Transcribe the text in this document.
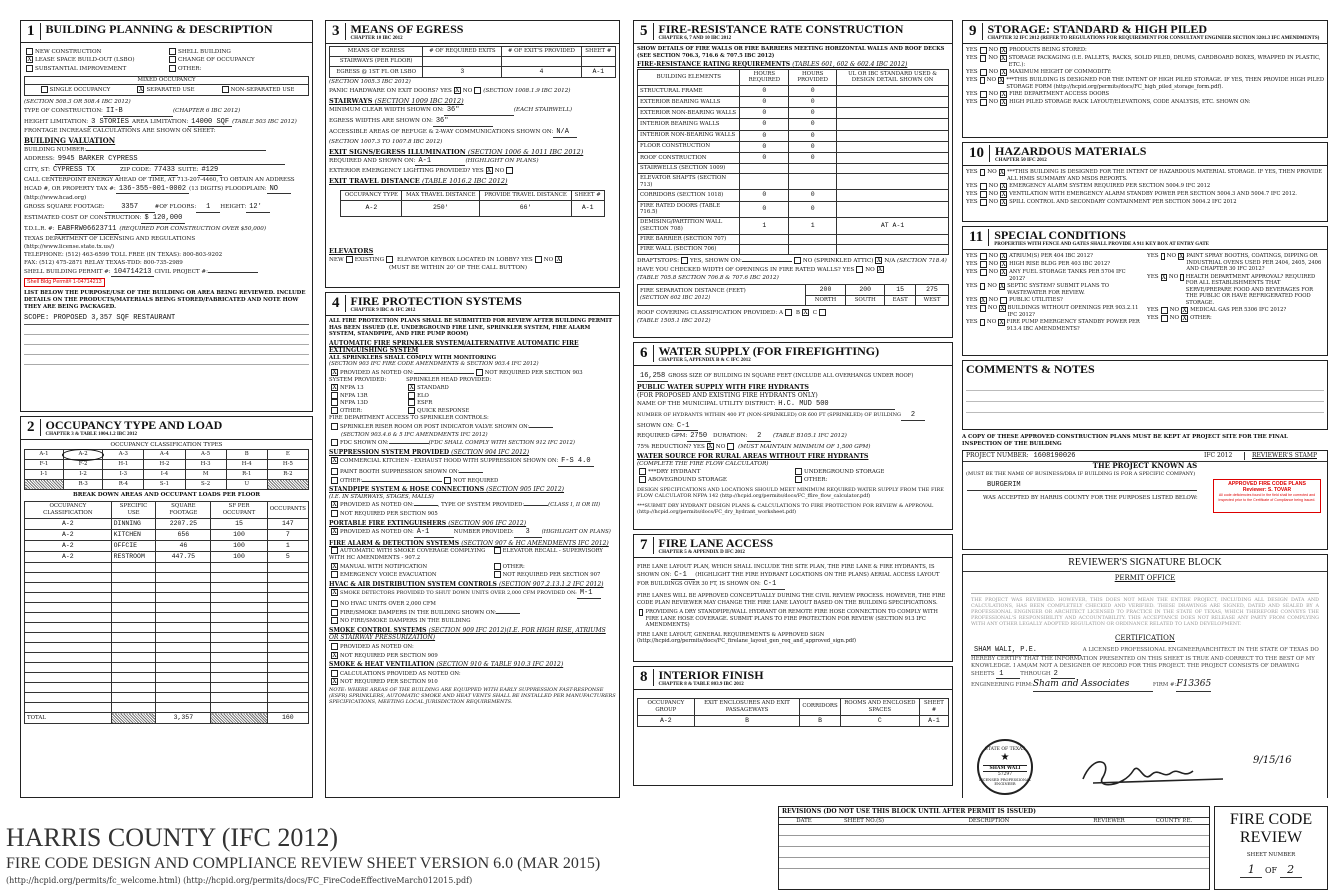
1 BUILDING PLANNING & DESCRIPTION
NEW CONSTRUCTION	SHELL BUILDING
X LEASE SPACE BUILD-OUT (LSBO)	CHANGE OF OCCUPANCY
SUBSTANTIAL IMPROVEMENT	OTHER:
MIXED OCCUPANCY
SINGLE OCCUPANCY	X SEPARATED USE	NON-SEPARATED USE
(SECTION 508.3 OR 508.4 IBC 2012)
TYPE OF CONSTRUCTION: II-B	(CHAPTER 6 IBC 2012)
HEIGHT LIMITATION: 3 STORIES AREA LIMITATION: 14000 SQF (TABLE 503 IBC 2012)
FRONTAGE INCREASE CALCULATIONS ARE SHOWN ON SHEET:
BUILDING VALUATION
BUILDING NUMBER:
ADDRESS: 9945 BARKER CYPRESS
CITY, ST: CYPRESS TX	ZIP CODE: 77433 SUITE: #129
CALL CENTERPOINT ENERGY AHEAD OF TIME, AT 713-207-4460, TO OBTAIN AN ADDRESS
HCAD #, OR PROPERTY TAX #: 136-355-001-0002 (13 DIGITS) FLOODPLAIN: NO
(http://www.hcad.org)
GROSS SQUARE FOOTAGE: 3357	#OF FLOORS: 1 HEIGHT: 12'
ESTIMATED COST OF CONSTRUCTION: $ 120,000
T.D.L.R. #: EABFRW06623711 (REQUIRED FOR CONSTRUCTION OVER $50,000)
TEXAS DEPARTMENT OF LICENSING AND REGULATIONS
(http://www.license.state.tx.us/)
TELEPHONE: (512) 463-6599 TOLL FREE (IN TEXAS): 800-803-9202
FAX: (512) 475-2871 RELAY TEXAS-TDD: 800-735-2989
SHELL BUILDING PERMIT #: 104714213 CIVIL PROJECT #:
Shell Bldg Permit# 1-04714213
LIST BELOW THE PURPOSE/USE OF THE BUILDING OR AREA BEING REVIEWED. INCLUDE DETAILS ON THE PRODUCTS/MATERIALS BEING STORED/FABRICATED AND NOTE HOW THEY ARE BEING PACKAGED.
SCOPE: PROPOSED 3,357 SQF RESTAURANT
2 OCCUPANCY TYPE AND LOAD
CHAPTER 3 & TABLE 1004.1.2 IBC 2012
OCCUPANCY CLASSIFICATION TYPES
A-1	A-2	A-3	A-4	A-5	B	E
F-1	F-2	H-1	H-2	H-3	H-4	H-5
I-1	I-2	I-3	I-4	M	R-1	R-2
	R-3	R-4	S-1	S-2	U	
BREAK DOWN AREAS AND OCCUPANT LOADS PER FLOOR
OCCUPANCY CLASSIFICATION	SPECIFIC USE	SQUARE FOOTAGE	SF PER OCCUPANT	OCCUPANTS
A-2	DINNING	2207.25	15	147
A-2	KITCHEN	656	100	7
A-2	OFFCIE	46	100	1
A-2	RESTROOM	447.75	100	5

TOTAL		3,357		160
3 MEANS OF EGRESS
CHAPTER 10 IBC 2012
MEANS OF EGRESS	# OF REQUIRED EXITS	# OF EXIT'S PROVIDED	SHEET #
STAIRWAYS (PER FLOOR)			
EGRESS @ 1ST FL OR LSBO	3	4	A-1
(SECTION 1005.3 IBC 2012)
PANIC HARDWARE ON EXIT DOORS? YES X NO (SECTION 1008.1.9 IBC 2012)
STAIRWAYS (SECTION 1009 IBC 2012)
MINIMUM CLEAR WIDTH SHOWN ON: 36"	(EACH STAIRWELL)
EGRESS WIDTHS ARE SHOWN ON: 36"
ACCESSIBLE AREAS OF REFUGE & 2-WAY COMMUNICATIONS SHOWN ON: N/A
(SECTION 1007.3 TO 1007.8 IBC 2012)
EXIT SIGNS/EGRESS ILLUMINATION (SECTION 1006 & 1011 IBC 2012)
REQUIRED AND SHOWN ON: A-1	(HIGHLIGHT ON PLANS)
EXTERIOR EMERGENCY LIGHTING PROVIDED? YES X NO
EXIT TRAVEL DISTANCE (TABLE 1016.2 IBC 2012)
OCCUPANCY TYPE	MAX TRAVEL DISTANCE	PROVIDE TRAVEL DISTANCE	SHEET #
A-2	250'	66'	A-1
ELEVATORS
NEW EXISTING ELEVATOR KEYBOX LOCATED IN LOBBY? YES NO X
(MUST BE WITHIN 20' OF THE CALL BUTTON)
4 FIRE PROTECTION SYSTEMS
CHAPTER 9 IBC & IFC 2012
ALL FIRE PROTECTION PLANS SHALL BE SUBMITTED FOR REVIEW AFTER BUILDING PERMIT HAS BEEN ISSUED (I.E. UNDERGROUND FIRE LINE, SPRINKLER SYSTEM, FIRE ALARM SYSTEM, STANDPIPE, AND FIRE PUMP ROOM)
AUTOMATIC FIRE SPRINKLER SYSTEM/ALTERNATIVE AUTOMATIC FIRE EXTINGUISHING SYSTEM
ALL SPRINKLERS SHALL COMPLY WITH MONITORING
(SECTION 903 IFC FIRE CODE AMENDMENTS & SECTION 903.4 IFC 2012)
X PROVIDED AS NOTED ON:	NOT REQUIRED PER SECTION 903
SYSTEM PROVIDED:
X NFPA 13
NFPA 13R
NFPA 13D
OTHER:
SPRINKLER HEAD PROVIDED:
X STANDARD
ELO
ESFR
QUICK RESPONSE
FIRE DEPARTMENT ACCESS TO SPRINKLER CONTROLS:
SPRINKLER RISER ROOM OR POST INDICATOR VALVE SHOWN ON:
(SECTION 903.4.6 & 5 IFC AMENDMENTS IFC 2012)
FDC SHOWN ON:	(FDC SHALL COMPLY WITH SECTION 912 IFC 2012)
SUPPRESSION SYSTEM PROVIDED (SECTION 904 IFC 2012)
X COMMERCIAL KITCHEN - EXHAUST HOOD WITH SUPPRESSION SHOWN ON: F-S 4.0
PAINT BOOTH SUPPRESSION SHOWN ON:
OTHER:	NOT REQUIRED
STANDPIPE SYSTEM & HOSE CONNECTIONS (SECTION 905 IFC 2012)
(I.E. IN STAIRWAYS, STAGES, MALLS)
X PROVIDED AS NOTED ON:	, TYPE OF SYSTEM PROVIDED:	(CLASS I, II OR III)
NOT REQUIRED PER SECTION 905
PORTABLE FIRE EXTINGUISHERS (SECTION 906 IFC 2012)
X PROVIDED AS NOTED ON: A-1	NUMBER PROVIDED: 3 (HIGHLIGHT ON PLANS)
FIRE ALARM & DETECTION SYSTEMS (SECTION 907 & HC AMENDMENTS IFC 2012)
AUTOMATIC WITH SMOKE COVERAGE COMPLYING WITH HC AMENDMENTS - 907.2
ELEVATOR RECALL - SUPERVISORY
X MANUAL WITH NOTIFICATION	OTHER:
EMERGENCY VOICE EVACUATION	NOT REQUIRED PER SECTION 907
HVAC & AIR DISTRIBUTION SYSTEM CONTROLS (SECTION 907.2.13.1.2 IFC 2012)
X SMOKE DETECTORS PROVIDED TO SHUT DOWN UNITS OVER 2,000 CFM PROVIDED ON: M-1
NO HVAC UNITS OVER 2,000 CFM
FIRE/SMOKE DAMPERS IN THE BUILDING SHOWN ON:
NO FIRE/SMOKE DAMPERS IN THE BUILDING
SMOKE CONTROL SYSTEMS (SECTION 909 IFC 2012)(I.E. FOR HIGH RISE, ATRIUMS OR STAIRWAY PRESSURIZATION)
PROVIDED AS NOTED ON:
X NOT REQUIRED PER SECTION 909
SMOKE & HEAT VENTILATION (SECTION 910 & TABLE 910.3 IFC 2012)
CALCULATIONS PROVIDED AS NOTED ON:
X NOT REQUIRED PER SECTION 910
NOTE: WHERE AREAS OF THE BUILDING ARE EQUIPPED WITH EARLY SUPPRESSION FAST-RESPONSE (ESFR) SPRINKLERS, AUTOMATIC SMOKE AND HEAT VENTS SHALL BE INSTALLED PER MANUFACTURERS SPECIFICATIONS, MEETING LOCAL JURISDICTION REQUIREMENTS.
5 FIRE-RESISTANCE RATE CONSTRUCTION
CHAPTER 6, 7 AND 10 IBC 2012
SHOW DETAILS OF FIRE WALLS OR FIRE BARRIERS MEETING HORIZONTAL WALLS AND ROOF DECKS (SEE SECTION 706.3, 716.6 & 707.5 IBC 2012)
FIRE-RESISTANCE RATING REQUIREMENTS (TABLES 601, 602 & 602.4 IBC 2012)
BUILDING ELEMENTS	HOURS REQUIRED	HOURS PROVIDED	UL OR IBC STANDARD USED & DESIGN DETAIL SHOWN ON
STRUCTURAL FRAME	0	0	
EXTERIOR BEARING WALLS	0	0	
EXTERIOR NON-BEARING WALLS	0	0	
INTERIOR BEARING WALLS	0	0	
INTERIOR NON-BEARING WALLS	0	0	
FLOOR CONSTRUCTION	0	0	
ROOF CONSTRUCTION	0	0	
STAIRWELLS (SECTION 1009)			
ELEVATOR SHAFTS (SECTION 713)			
CORRIDORS (SECTION 1018)	0	0	
FIRE RATED DOORS (TABLE 716.5)	0	0	
DEMISING/PARTITION WALL (SECTION 708)	1	1	AT A-1
FIRE BARRIER (SECTION 707)			
FIRE WALL (SECTION 706)			
DRAFTSTOPS: YES, SHOWN ON:	NO (SPRINKLED ATTIC) X N/A (SECTION 718.4)
HAVE YOU CHECKED WIDTH OF OPENINGS IN FIRE RATED WALLS? YES NO X
(TABLE 705.8 SECTION 706.8 & 707.6 IBC 2012)
FIRE SEPARATION DISTANCE (FEET)
(SECTION 602 IBC 2012)	200	200	15	275
	NORTH	SOUTH	EAST	WEST
ROOF COVERING CLASSIFICATION PROVIDED: A B X C
(TABLE 1505.1 IBC 2012)
6 WATER SUPPLY (FOR FIREFIGHTING)
CHAPTER 5, APPENDIX B & C IFC 2012
16,258 GROSS SIZE OF BUILDING IN SQUARE FEET (INCLUDE ALL OVERHANGS UNDER ROOF)
PUBLIC WATER SUPPLY WITH FIRE HYDRANTS
(FOR PROPOSED AND EXISTING FIRE HYDRANTS ONLY)
NAME OF THE MUNICIPAL UTILITY DISTRICT: H.C. MUD 500
NUMBER OF HYDRANTS WITHIN 400 FT (NON-SPRINKLED) OR 600 FT (SPRINKLED) OF BUILDING 2
SHOWN ON: C-1
REQUIRED GPM: 2750 DURATION: 2 (TABLE B105.1 IFC 2012)
75% REDUCTION? YES X NO (MUST MAINTAIN MINIMUM OF 1,500 GPM)
WATER SOURCE FOR RURAL AREAS WITHOUT FIRE HYDRANTS
(COMPLETE THE FIRE FLOW CALCULATOR)
***DRY HYDRANT	UNDERGROUND STORAGE
ABOVEGROUND STORAGE	OTHER:
DESIGN SPECIFICATIONS AND LOCATIONS SHOULD MEET MINIMUM REQUIRED WATER SUPPLY FROM THE FIRE FLOW CALCULATOR NFPA 142 (http://hcpid.org/permits/docs/FC_ffire_flow_calculator.pdf)
***SUBMIT DRY HYDRANT DESIGN PLANS & CALCULATIONS TO FIRE PROTECTION FOR REVIEW & APPROVAL (http://hcpid.org/permits/docs/FC_dry_hydrant_worksheet.pdf)
7 FIRE LANE ACCESS
CHAPTER 5 & APPENDIX D IFC 2012
FIRE LANE LAYOUT PLAN, WHICH SHALL INCLUDE THE SITE PLAN, THE FIRE LANE & FIRE HYDRANTS, IS SHOWN ON: C-1 (HIGHLIGHT THE FIRE HYDRANT LOCATIONS ON THE PLANS) AERIAL ACCESS LAYOUT FOR BUILDINGS OVER 30 FT, IS SHOWN ON: C-1
FIRE LANES WILL BE APPROVED CONCEPTUALLY DURING THE CIVIL REVIEW PROCESS. HOWEVER, THE FIRE CODE PLAN REVIEWER MAY CHANGE THE FIRE LANE LAYOUT BASED ON THE BUILDING SPECIFICATIONS.
PROVIDING A DRY STANDPIPE/WALL HYDRANT OR REMOTE FIRE HOSE CONNECTION TO COMPLY WITH FIRE LANE HOSE COVERAGE. SUBMIT PLANS TO FIRE PROTECTION FOR REVIEW (SECTION 913 IFC AMENDMENTS)
FIRE LANE LAYOUT, GENERAL REQUIREMENTS & APPROVED SIGN (http://hcpid.org/permits/docs/FC_firelane_layout_gen_req_and_approved_sign.pdf)
8 INTERIOR FINISH
CHAPTER 8 & TABLE 803.9 IBC 2012
OCCUPANCY GROUP	EXIT ENCLOSURES AND EXIT PASSAGEWAYS	CORRIDORS	ROOMS AND ENCLOSED SPACES	SHEET #
A-2	B	B	C	A-1
9 STORAGE: STANDARD & HIGH PILED
CHAPTER 32 IFC 2012 (REFER TO REGULATIONS FOR REQUIREMENT FOR CONSULTANT ENGINEER SECTION 3201.3 IFC AMENDMENTS)
YES NO X PRODUCTS BEING STORED:
YES NO X STORAGE PACKAGING (I.E. PALLETS, RACKS, SOLID PILED, DRUMS, CARDBOARD BOXES, WRAPPED IN PLASTIC, ETC.):
YES NO X MAXIMUM HEIGHT OF COMMODITY:
YES NO X ***THIS BUILDING IS DESIGNED FOR THE INTENT OF HIGH PILED STORAGE. IF YES, THEN PROVIDE HIGH PILED STORAGE FORM (http://hcpid.org/permits/docs/FC_high_piled_storage_form.pdf).
YES NO X FIRE DEPARTMENT ACCESS DOORS
YES NO X HIGH PILED STORAGE RACK LAYOUT/ELEVATIONS, CODE ANALYSIS, ETC. SHOWN ON:
10 HAZARDOUS MATERIALS
CHAPTER 50 IFC 2012
YES NO X ***THIS BUILDING IS DESIGNED FOR THE INTENT OF HAZARDOUS MATERIAL STORAGE. IF YES, THEN PROVIDE ALL HMIS SUMMARY AND MSDS REPORTS.
YES NO X EMERGENCY ALARM SYSTEM REQUIRED PER SECTION 5004.9 IFC 2012
YES NO X VENTILATION WITH EMERGENCY ALARM STANDBY POWER PER SECTION 5004.3 AND 5004.7 IFC 2012.
YES NO X SPILL CONTROL AND SECONDARY CONTAINMENT PER SECTION 5004.2 IFC 2012
11 SPECIAL CONDITIONS
PROPERTIES WITH FENCE AND GATES SHALL PROVIDE A 911 KEY BOX AT ENTRY GATE
YES NO X ATRIUM(S) PER 404 IBC 2012?
YES NO X HIGH RISE BLDG PER 403 IBC 2012?
YES NO X ANY FUEL STORAGE TANKS PER 5704 IFC 2012?
YES NO X SEPTIC SYSTEM? SUBMIT PLANS TO WASTEWATER FOR REVIEW.
YES X NO PUBLIC UTILITIES?
YES NO X BUILDINGS WITHOUT OPENINGS PER 903.2.11 IFC 2012?
YES NO X FIRE PUMP EMERGENCY STANDBY POWER PER 913.4 IBC AMENDMENTS?
YES NO X PAINT SPRAY BOOTHS, COATINGS, DIPPING OR INDUSTRIAL OVENS USED PER 2404, 2405, 2406 AND CHAPTER 30 IFC 2012?
YES X NO HEALTH DEPARTMENT APPROVAL? REQUIRED FOR ALL ESTABLISHMENTS THAT SERVE/PREPARE FOOD AND BEVERAGES FOR THE PUBLIC OR HAVE REFRIGERATED FOOD STORAGE.
YES NO X MEDICAL GAS PER 5306 IFC 2012?
YES NO X OTHER:
COMMENTS & NOTES
A COPY OF THESE APPROVED CONSTRUCTION PLANS MUST BE KEPT AT PROJECT SITE FOR THE FINAL INSPECTION OF THE BUILDING
PROJECT NUMBER: 1608190026	IFC 2012	REVIEWER'S STAMP
THE PROJECT KNOWN AS
(MUST BE THE NAME OF BUSINESS/DBA IF BUILDING IS FOR A SPECIFIC COMPANY)
BURGERIM
WAS ACCEPTED BY HARRIS COUNTY FOR THE PURPOSES LISTED BELOW:
APPROVED FIRE CODE PLANS
Reviewer: S. TOVAR
All code deficiencies found in the field shall be corrected and inspected prior to the Certificate of Compliance being issued.
REVIEWER'S SIGNATURE BLOCK
PERMIT OFFICE
THE PROJECT WAS REVIEWED. HOWEVER, THIS DOES NOT MEAN THE ENTIRE PROJECT, INCLUDING ALL DESIGN DATA AND CALCULATIONS, HAS BEEN COMPLETELY CHECKED AND VERIFIED. THESE DRAWINGS ARE SIGNED, DATED AND SEALED BY A PROFESSIONAL ENGINEER OR ARCHITECT LICENSED TO PRACTICE IN THE STATE OF TEXAS, WHICH THEREFORE CONVEYS THE PROFESSIONAL'S RESPONSIBILITY AND ACCOUNTABILITY. THIS ACCEPTANCE DOES NOT RELEASE ANY PARTY FROM COMPLYING WITH ANY OTHER LEGALLY ADOPTED REGULATION OR ORDINANCE RELATED TO LAND DEVELOPMENT.
CERTIFICATION
SHAM WALI, P.E.	A LICENSED PROFESSIONAL ENGINEER/ARCHITECT IN THE STATE OF TEXAS DO HEREBY CERTIFY THAT THE INFORMATION PRESENTED ON THIS SHEET IS TRUE AND CORRECT TO THE BEST OF MY KNOWLEDGE. I AM/AM NOT A DESIGNER OF RECORD FOR THIS PROJECT. THE PROJECT CONSISTS OF DRAWING SHEETS 1	THROUGH 2
ENGINEERING FIRM:Sham and Associates	FIRM #:F13365
STATE OF TEXAS
★
SHAM WALI
57297
LICENSED PROFESSIONAL ENGINEER
9/15/16
HARRIS COUNTY (IFC 2012)
FIRE CODE DESIGN AND COMPLIANCE REVIEW SHEET VERSION 6.0 (MAR 2015)
(http://hcpid.org/permits/fc_welcome.html) (http://hcpid.org/permits/docs/FC_FireCodeEffectiveMarch012015.pdf)
REVISIONS (DO NOT USE THIS BLOCK UNTIL AFTER PERMIT IS ISSUED)
DATE	SHEET NO.(S)	DESCRIPTION	REVIEWER	COUNTY P.E.	FIRE CODE
REVIEW
SHEET NUMBER
1 OF 2
